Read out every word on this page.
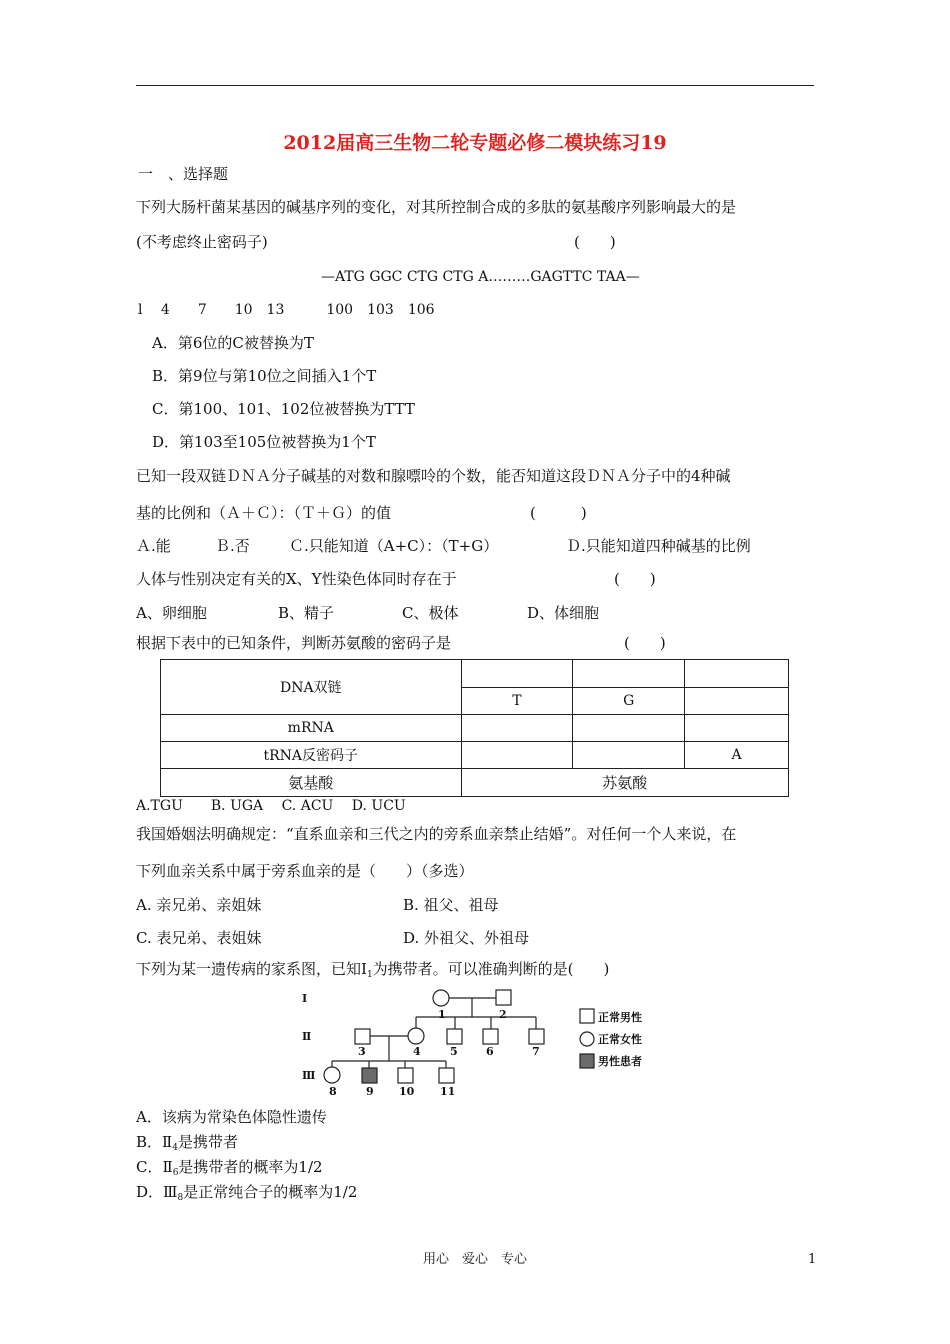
2012届高三生物二轮专题必修二模块练习19
一　、选择题
下列大肠杆菌某基因的碱基序列的变化，对其所控制合成的多肽的氨基酸序列影响最大的是
(不考虑终止密码子)	(　　)
—ATG GGC CTG CTG A………GAGTTC TAA—
l　 4　　7　　10　13　　　100　103　106
A．第6位的C被替换为T
B．第9位与第10位之间插入1个T
C．第100、101、102位被替换为TTT
D．第103至105位被替换为1个T
已知一段双链ＤＮＡ分子碱基的对数和腺嘌呤的个数，能否知道这段ＤＮＡ分子中的4种碱
基的比例和（Ａ＋Ｃ）：（Ｔ＋Ｇ）的值	(　　　)
Ａ.能	Ｂ.否	Ｃ.只能知道（A+C）：（T+G）	Ｄ.只能知道四种碱基的比例
人体与性别决定有关的X、Y性染色体同时存在于	(　　)
A、卵细胞	B、精子	C、极体	D、体细胞
根据下表中的已知条件，判断苏氨酸的密码子是	(　　)
DNA双链			
	T	G	
mRNA			
tRNA反密码子			A
氨基酸	苏氨酸		
A.TGU　　B. UGA　 C. ACU　 D. UCU
我国婚姻法明确规定：“直系血亲和三代之内的旁系血亲禁止结婚”。对任何一个人来说，在
下列血亲关系中属于旁系血亲的是（　　）（多选）
A. 亲兄弟、亲姐妹	B. 祖父、祖母
C. 表兄弟、表姐妹	D. 外祖父、外祖母
下列为某一遗传病的家系图，已知$Ⅰ_1$为携带者。可以准确判断的是(　　)
Ⅰ
Ⅱ
Ⅲ
1	2
3	4	5	6	7
8	9 10 11
正常男性
正常女性
男性患者
A．该病为常染色体隐性遗传
B．$Ⅱ_4$是携带者
C．$Ⅱ_6$是携带者的概率为1/2
D．$Ⅲ_8$是正常纯合子的概率为1/2
用心　爱心　专心	1
